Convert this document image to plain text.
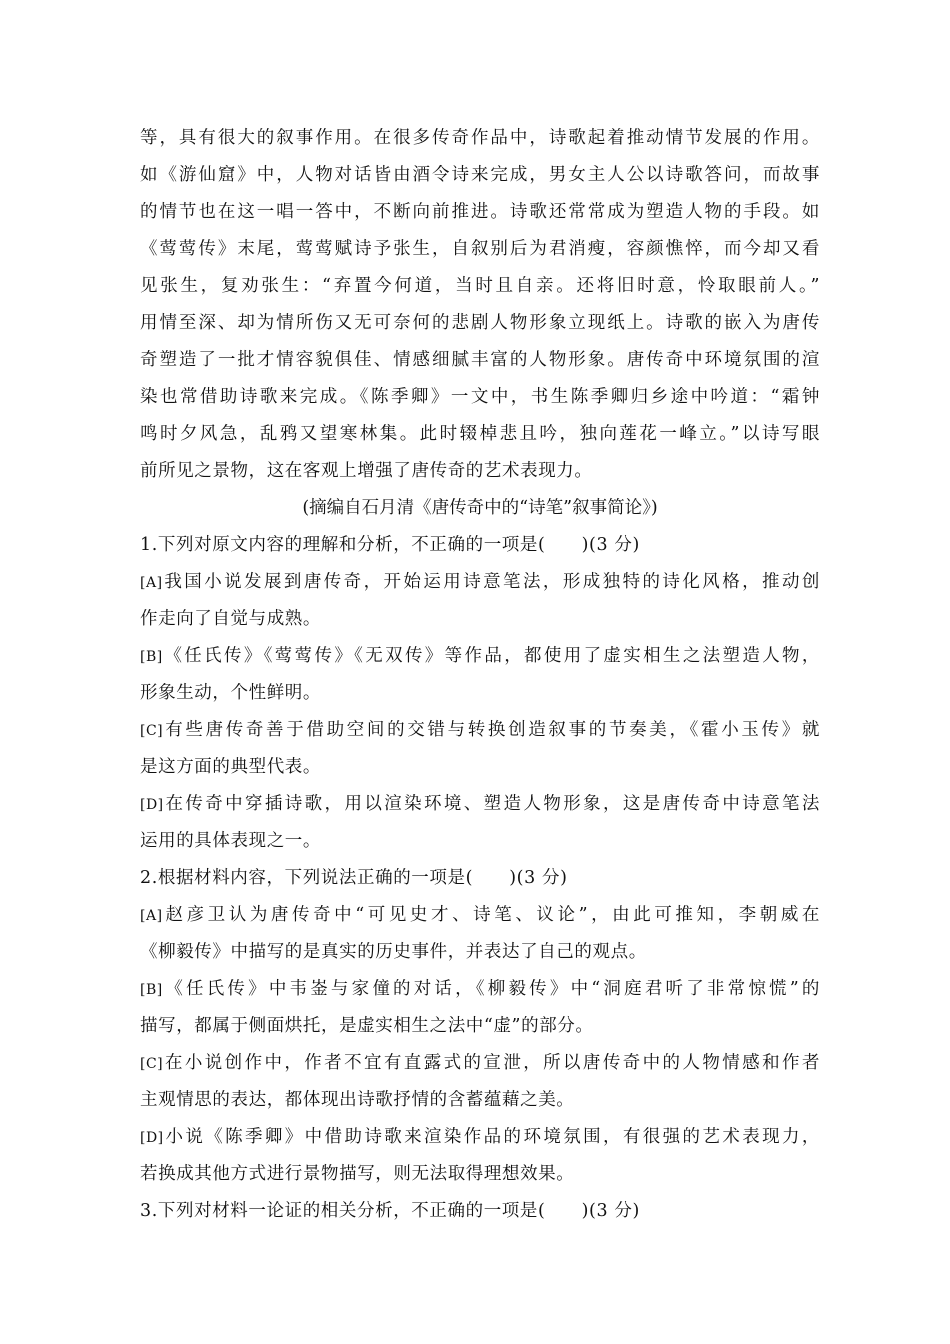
等，具有很大的叙事作用。在很多传奇作品中，诗歌起着推动情节发展的作用。
如《游仙窟》中，人物对话皆由酒令诗来完成，男女主人公以诗歌答问，而故事
的情节也在这一唱一答中，不断向前推进。诗歌还常常成为塑造人物的手段。如
《莺莺传》末尾，莺莺赋诗予张生，自叙别后为君消瘦，容颜憔悴，而今却又看
见张生，复劝张生：“弃置今何道，当时且自亲。还将旧时意，怜取眼前人。”
用情至深、却为情所伤又无可奈何的悲剧人物形象立现纸上。诗歌的嵌入为唐传
奇塑造了一批才情容貌俱佳、情感细腻丰富的人物形象。唐传奇中环境氛围的渲
染也常借助诗歌来完成。《陈季卿》一文中，书生陈季卿归乡途中吟道：“霜钟
鸣时夕风急，乱鸦又望寒林集。此时辍棹悲且吟，独向莲花一峰立。”以诗写眼
前所见之景物，这在客观上增强了唐传奇的艺术表现力。
(摘编自石月清《唐传奇中的“诗笔”叙事简论》)
1.下列对原文内容的理解和分析，不正确的一项是(　　)(3 分)
[A]我国小说发展到唐传奇，开始运用诗意笔法，形成独特的诗化风格，推动创
作走向了自觉与成熟。
[B]《任氏传》《莺莺传》《无双传》等作品，都使用了虚实相生之法塑造人物，
形象生动，个性鲜明。
[C]有些唐传奇善于借助空间的交错与转换创造叙事的节奏美，《霍小玉传》就
是这方面的典型代表。
[D]在传奇中穿插诗歌，用以渲染环境、塑造人物形象，这是唐传奇中诗意笔法
运用的具体表现之一。
2.根据材料内容，下列说法正确的一项是(　　)(3 分)
[A]赵彦卫认为唐传奇中“可见史才、诗笔、议论”，由此可推知，李朝威在
《柳毅传》中描写的是真实的历史事件，并表达了自己的观点。
[B]《任氏传》中韦崟与家僮的对话，《柳毅传》中“洞庭君听了非常惊慌”的
描写，都属于侧面烘托，是虚实相生之法中“虚”的部分。
[C]在小说创作中，作者不宜有直露式的宣泄，所以唐传奇中的人物情感和作者
主观情思的表达，都体现出诗歌抒情的含蓄蕴藉之美。
[D]小说《陈季卿》中借助诗歌来渲染作品的环境氛围，有很强的艺术表现力，
若换成其他方式进行景物描写，则无法取得理想效果。
3.下列对材料一论证的相关分析，不正确的一项是(　　)(3 分)
